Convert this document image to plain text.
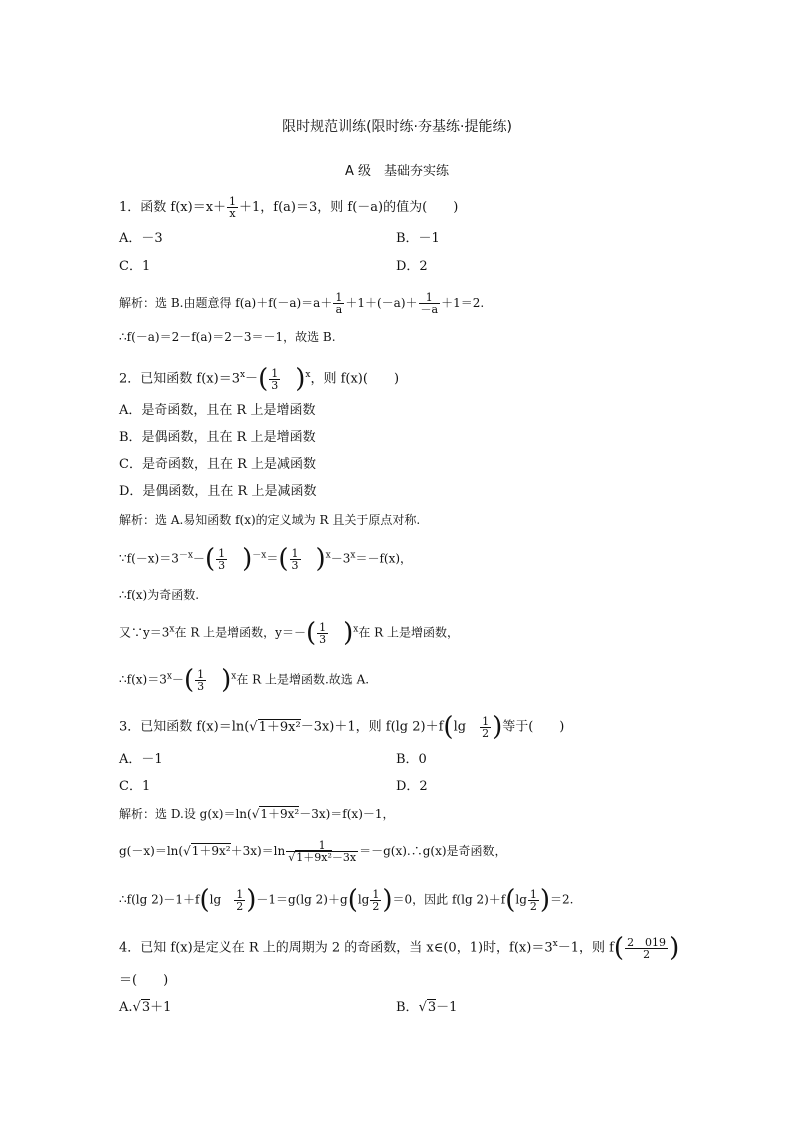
限时规范训练(限时练·夯基练·提能练)
A 级　基础夯实练
1．函数 $f(x)=x+ \frac{1}{x} +1$，f(a)＝3，则 f(－a)的值为(　　)
A．－3	B．－1
C．1	D．2
解析：选 B.由题意得 $f(a)+f(-a)=a+ \frac{1}{a} +1+(-a)+ \frac{1}{-a} +1=2$.
∴f(－a)＝2－f(a)＝2－3＝－1，故选 B.
2．已知函数 $f(x)=3^x-( \frac{1}{3} )^x$，则 f(x)(　　)
A．是奇函数，且在 R 上是增函数
B．是偶函数，且在 R 上是增函数
C．是奇函数，且在 R 上是减函数
D．是偶函数，且在 R 上是减函数
解析：选 A.易知函数 f(x)的定义域为 R 且关于原点对称.
$\because f(-x)=3^{-x}-( \frac{1}{3} )^{-x}=( \frac{1}{3} )^x-3^x=-f(x)$，
∴f(x)为奇函数.
又$\because y=3^x$在 R 上是增函数，$y=-( \frac{1}{3} )^x$在 R 上是增函数，
$\therefore f(x)=3^x-( \frac{1}{3} )^x$在 R 上是增函数.故选 A.
3．已知函数 f(x)＝ln(√1＋9x²－3x)＋1，则 f(lg 2)＋f(lg　 $\frac{1}{2}$ )等于(　　)
A．－1	B．0
C．1	D．2
解析：选 D.设 g(x)＝ln(√1＋9x²－3x)＝f(x)－1，
$g(-x)=\ln(√1+9x^2+3x)=\ln \frac{1}{\text{√1＋9x²－3x}}$ ＝－g(x).∴g(x)是奇函数，
∴f(lg 2)－1＋f(lg　 $\frac{1}{2} )-1=g(\lg$ $2)+g(\lg \frac{1}{2} )=0$，因此 f(lg $2)+f(\lg \frac{1}{2} )=2$.
4．已知 f(x)是定义在 R 上的周期为 2 的奇函数，当 x∈(0，1)时，$f(x)=3^x-1$，则 $f( \frac{2 019}{2}$ )
＝(　　)
A.√3＋1	B．√3－1
